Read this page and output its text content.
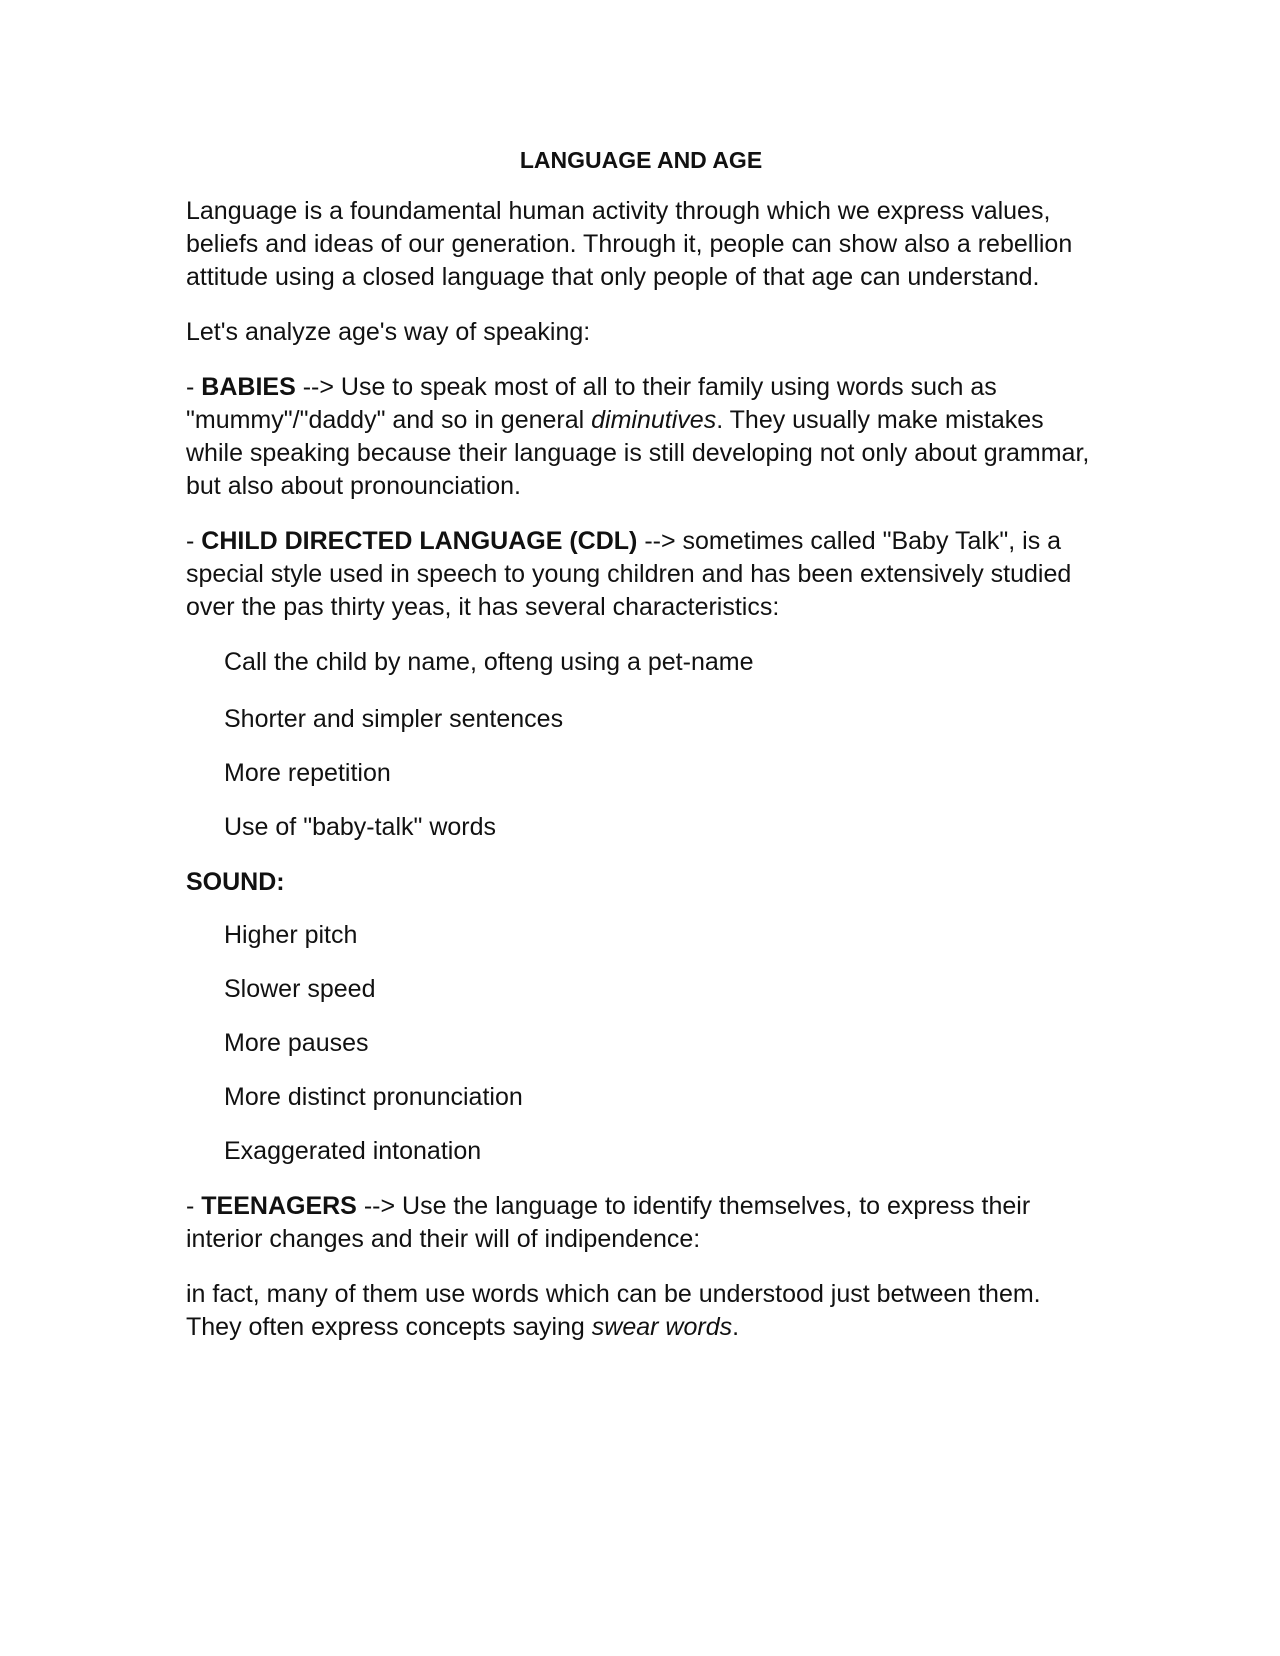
LANGUAGE AND AGE

Language is a foundamental human activity through which we express values, beliefs and ideas of our generation. Through it, people can show also a rebellion attitude using a closed language that only people of that age can understand.

Let's analyze age's way of speaking:

- BABIES --> Use to speak most of all to their family using words such as "mummy"/"daddy" and so in general diminutives. They usually make mistakes while speaking because their language is still developing not only about grammar, but also about pronounciation.

- CHILD DIRECTED LANGUAGE (CDL) --> sometimes called "Baby Talk", is a special style used in speech to young children and has been extensively studied over the pas thirty yeas, it has several characteristics:

Call the child by name, ofteng using a pet-name
Shorter and simpler sentences
More repetition
Use of "baby-talk" words
SOUND:
Higher pitch
Slower speed
More pauses
More distinct pronunciation
Exaggerated intonation

- TEENAGERS --> Use the language to identify themselves, to express their interior changes and their will of indipendence:

in fact, many of them use words which can be understood just between them. They often express concepts saying swear words.
